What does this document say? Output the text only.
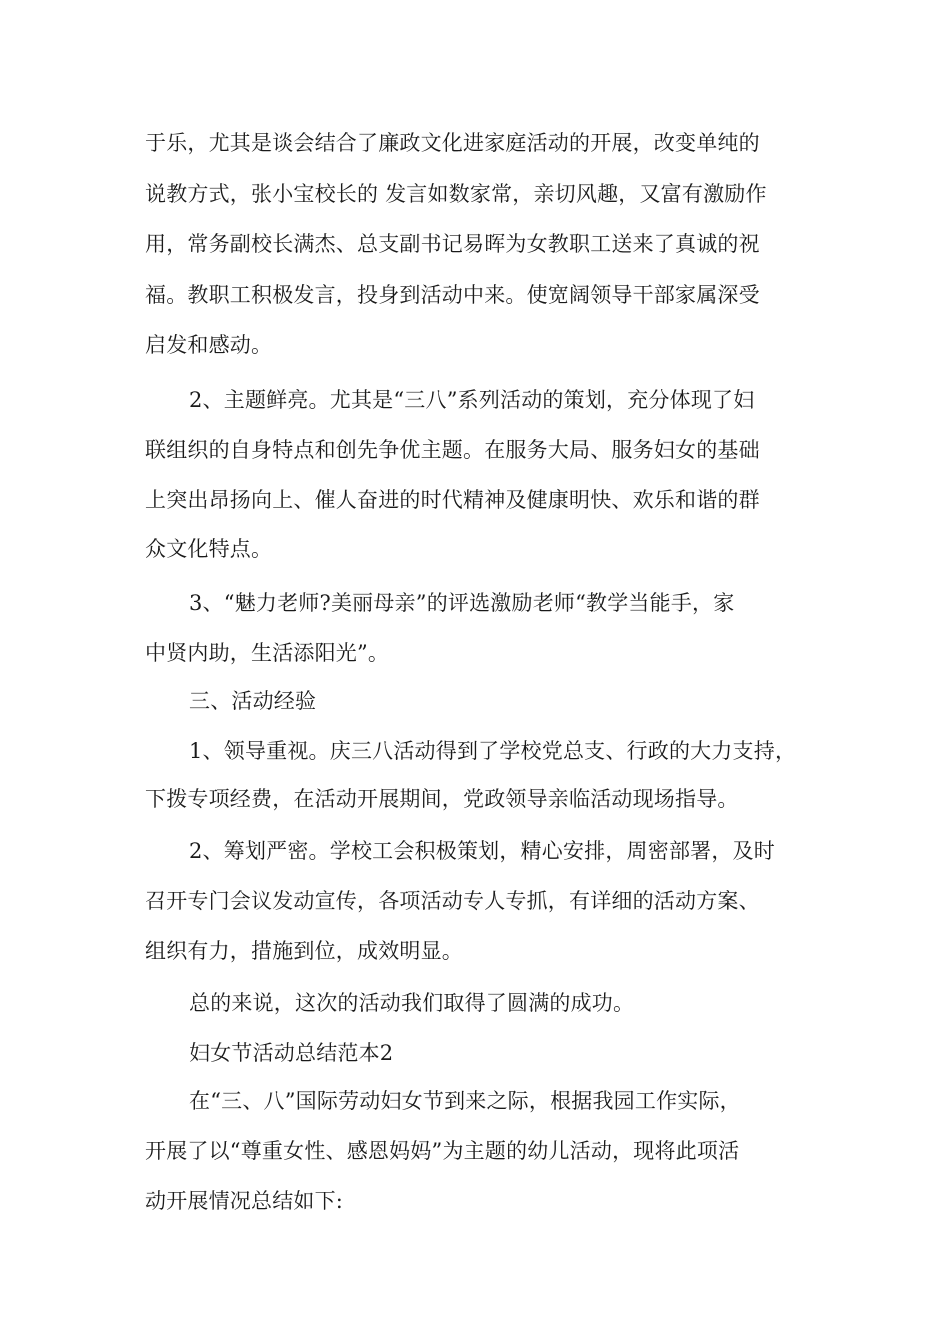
于乐，尤其是谈会结合了廉政文化进家庭活动的开展，改变单纯的
说教方式，张小宝校长的 发言如数家常，亲切风趣，又富有激励作
用，常务副校长满杰、总支副书记易晖为女教职工送来了真诚的祝
福。教职工积极发言，投身到活动中来。使宽阔领导干部家属深受
启发和感动。
2、主题鲜亮。尤其是“三八”系列活动的策划，充分体现了妇
联组织的自身特点和创先争优主题。在服务大局、服务妇女的基础
上突出昂扬向上、催人奋进的时代精神及健康明快、欢乐和谐的群
众文化特点。
3、“魅力老师?美丽母亲”的评选激励老师“教学当能手，家
中贤内助，生活添阳光”。
三、活动经验
1、领导重视。庆三八活动得到了学校党总支、行政的大力支持，
下拨专项经费，在活动开展期间，党政领导亲临活动现场指导。
2、筹划严密。学校工会积极策划，精心安排，周密部署，及时
召开专门会议发动宣传，各项活动专人专抓，有详细的活动方案、
组织有力，措施到位，成效明显。
总的来说，这次的活动我们取得了圆满的成功。
妇女节活动总结范本2
在“三、八”国际劳动妇女节到来之际，根据我园工作实际，
开展了以“尊重女性、感恩妈妈”为主题的幼儿活动，现将此项活
动开展情况总结如下:
